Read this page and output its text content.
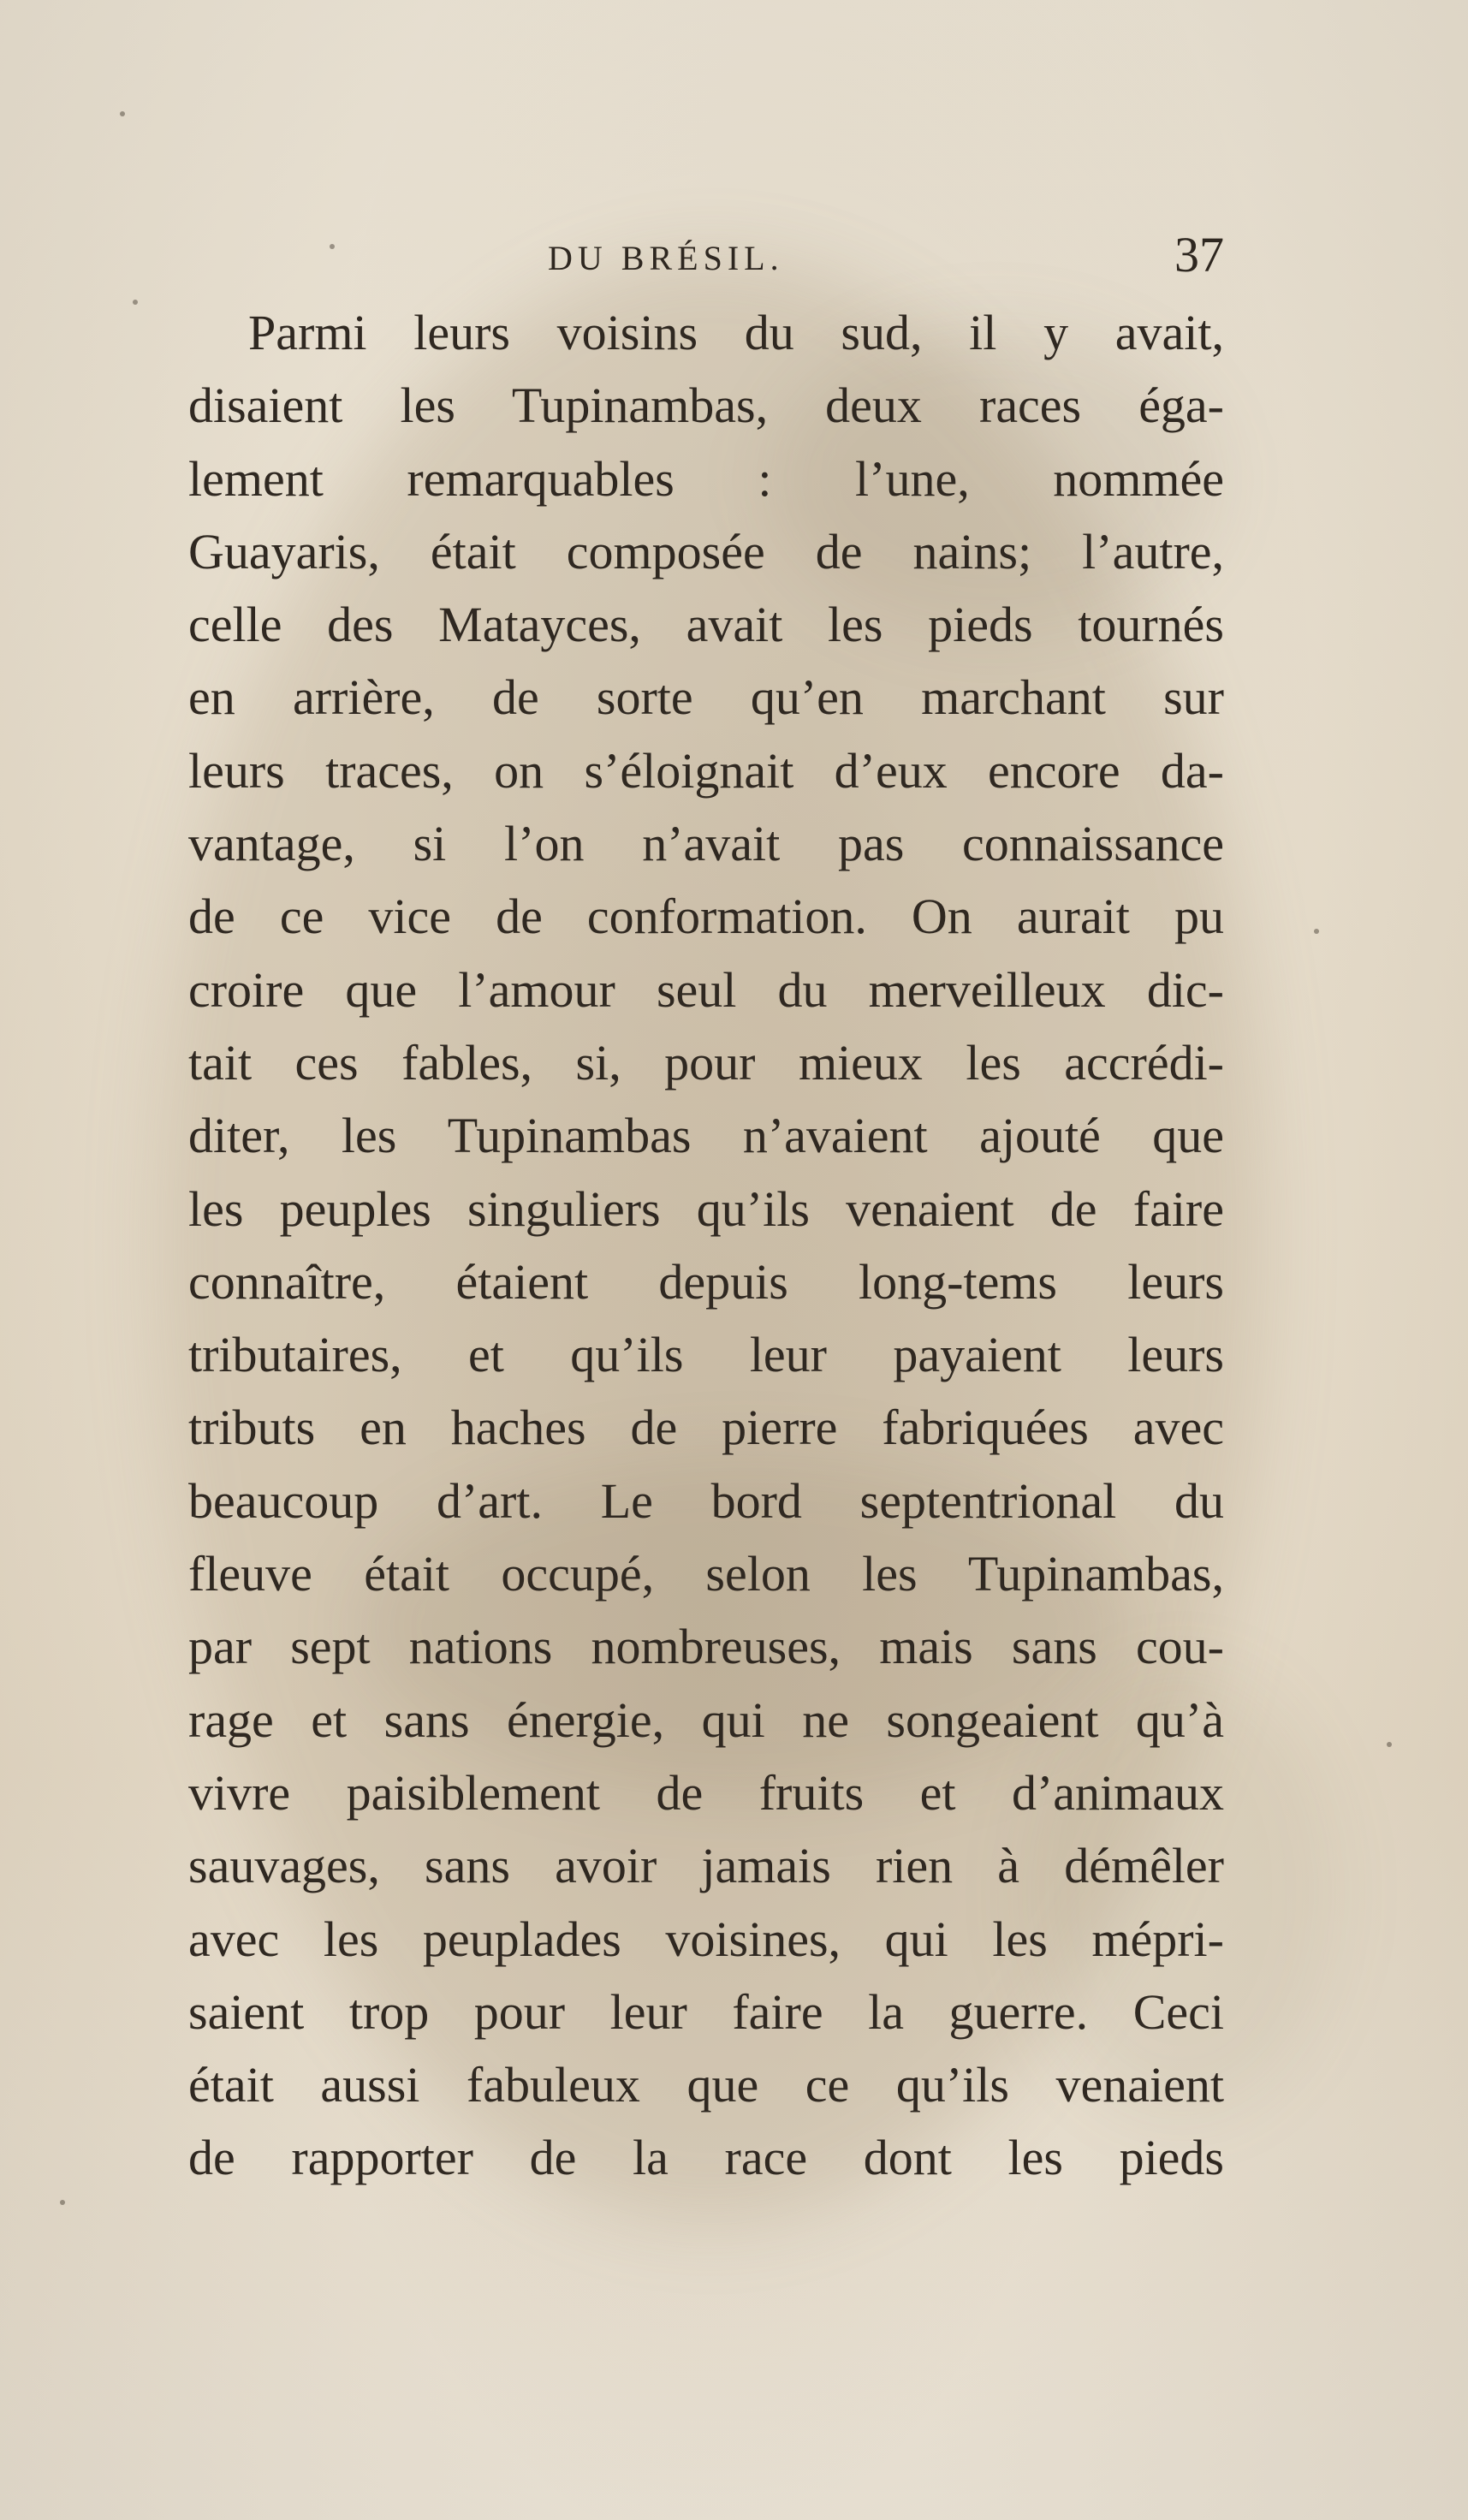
DU BRÉSIL.	37
Parmi leurs voisins du sud, il y avait,
disaient les Tupinambas, deux races éga-
lement remarquables : l’une, nommée
Guayaris, était composée de nains; l’autre,
celle des Matayces, avait les pieds tournés
en arrière, de sorte qu’en marchant sur
leurs traces, on s’éloignait d’eux encore da-
vantage, si l’on n’avait pas connaissance
de ce vice de conformation. On aurait pu
croire que l’amour seul du merveilleux dic-
tait ces fables, si, pour mieux les accrédi-
diter, les Tupinambas n’avaient ajouté que
les peuples singuliers qu’ils venaient de faire
connaître, étaient depuis long-tems leurs
tributaires, et qu’ils leur payaient leurs
tributs en haches de pierre fabriquées avec
beaucoup d’art. Le bord septentrional du
fleuve était occupé, selon les Tupinambas,
par sept nations nombreuses, mais sans cou-
rage et sans énergie, qui ne songeaient qu’à
vivre paisiblement de fruits et d’animaux
sauvages, sans avoir jamais rien à démêler
avec les peuplades voisines, qui les mépri-
saient trop pour leur faire la guerre. Ceci
était aussi fabuleux que ce qu’ils venaient
de rapporter de la race dont les pieds
